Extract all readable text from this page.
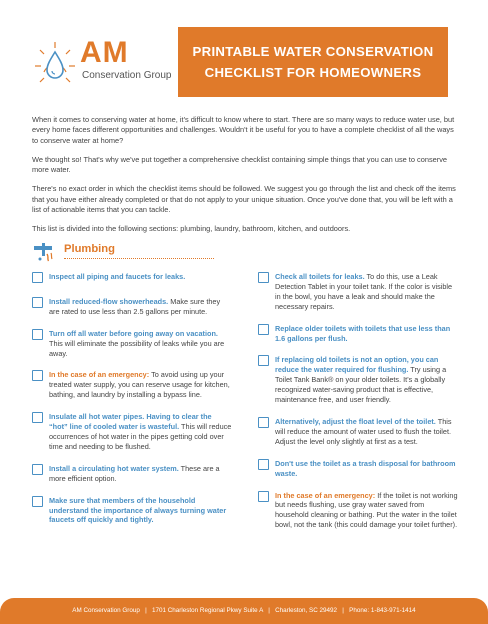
AM
Conservation Group
PRINTABLE WATER CONSERVATION
CHECKLIST FOR HOMEOWNERS

When it comes to conserving water at home, it's difficult to know where to start. There are so many ways to reduce water use, but every home faces different opportunities and challenges. Wouldn't it be useful for you to have a complete checklist of all the ways to conserve water at home?

We thought so! That's why we've put together a comprehensive checklist containing simple things that you can use to conserve more water.

There's no exact order in which the checklist items should be followed. We suggest you go through the list and check off the items that you have either already completed or that do not apply to your unique situation. Once you've done that, you will be left with a list of actionable items that you can tackle.

This list is divided into the following sections: plumbing, laundry, bathroom, kitchen, and outdoors.

Plumbing
Inspect all piping and faucets for leaks.
Install reduced-flow showerheads. Make sure they are rated to use less than 2.5 gallons per minute.
Turn off all water before going away on vacation. This will eliminate the possibility of leaks while you are away.
In the case of an emergency: To avoid using up your treated water supply, you can reserve usage for kitchen, bathing, and laundry by installing a bypass line.
Insulate all hot water pipes. Having to clear the “hot” line of cooled water is wasteful. This will reduce occurrences of hot water in the pipes getting cold over time and needing to be flushed.
Install a circulating hot water system. These are a more efficient option.
Make sure that members of the household understand the importance of always turning water faucets off quickly and tightly.
Check all toilets for leaks. To do this, use a Leak Detection Tablet in your toilet tank. If the color is visible in the bowl, you have a leak and should make the necessary repairs.
Replace older toilets with toilets that use less than 1.6 gallons per flush.
If replacing old toilets is not an option, you can reduce the water required for flushing. Try using a Toilet Tank Bank® on your older toilets. It's a globally recognized water-saving product that is effective, maintenance free, and user friendly.
Alternatively, adjust the float level of the toilet. This will reduce the amount of water used to flush the toilet. Adjust the level only slightly at first as a test.
Don't use the toilet as a trash disposal for bathroom waste.
In the case of an emergency: If the toilet is not working but needs flushing, use gray water saved from household cleaning or bathing. Put the water in the toilet bowl, not the tank (this could damage your toilet further).
AM Conservation Group   |   1701 Charleston Regional Pkwy Suite A   |   Charleston, SC 29492   |   Phone: 1-843-971-1414
